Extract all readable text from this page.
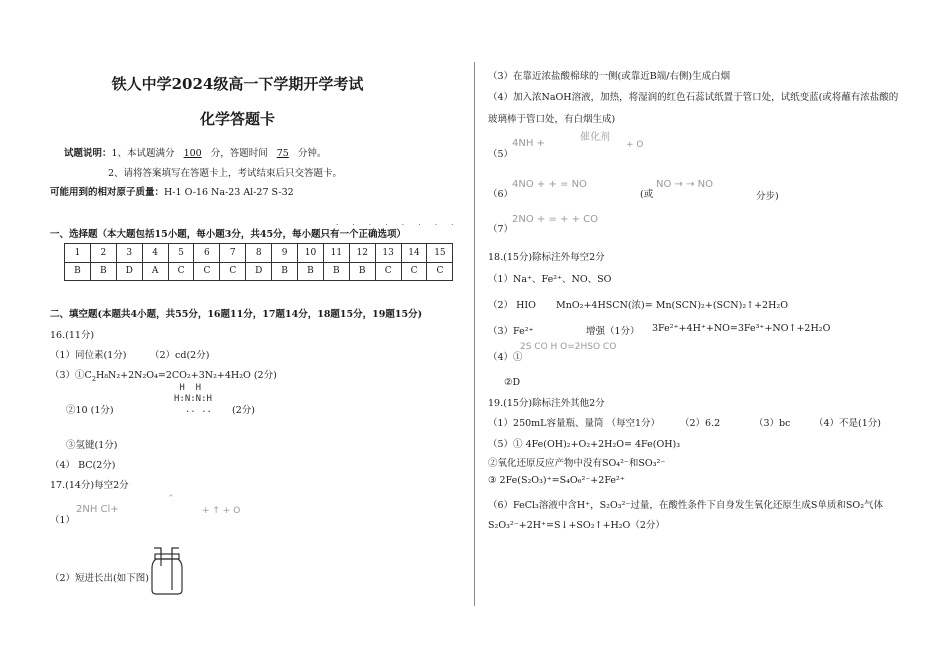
铁人中学2024级高一下学期开学考试
化学答题卡
试题说明：1、本试题满分 100 分，答题时间 75 分钟。
2、请将答案填写在答题卡上，考试结束后只交答题卡。
可能用到的相对原子质量：H-1 O-16 Na-23 Al-27 S-32
一、选择题（本大题包括15小题，每小题3分，共45分，每小题只有一个正确选项）
. . . . . . . .
1	2	3	4	5	6	7	8	9	10	11	12	13	14	15
B	B	D	A	C	C	C	D	B	B	B	B	C	C	C
二、填空题(本题共4小题，共55分，16题11分，17题14分，18题15分，19题15分)
16.(11分)
（1）同位素(1分) （2）cd(2分)
$(3)①C_2H_8N_2+2N_2O_4=2CO_2+3N_2+4H_2O$ (2分)
②10 (1分)
H  H
H:N:N:H
.. .. (2分)
③氢键(1分)
（4） BC(2分)
17.(14分)每空2分
（1）
2NH Cl+	+ ↑ + O
^
（2）短进长出(如下图)
（3）在靠近浓盐酸棉球的一侧(或靠近B端/右侧)生成白烟
（4）加入浓NaOH溶液，加热，将湿润的红色石蕊试纸置于管口处，试纸变蓝(或将蘸有浓盐酸的
玻璃棒于管口处，有白烟生成)
（5）
4NH +
催化剂
+ O
（6）
4NO + + = NO
(或
NO → → NO
分步)
（7）
2NO + = + + CO
18.(15分)除标注外每空2分
（1）Na⁺、Fe²⁺、NO、SO
（2） HIO MnO₂+4HSCN(浓)= Mn(SCN)₂+(SCN)₂↑+2H₂O
（3）Fe²⁺	增强（1分） 3Fe²⁺+4H⁺+NO=3Fe³⁺+NO↑+2H₂O
（4）①
2S CO H O=2HSO CO
②D
19.(15分)除标注外其他2分
（1）250mL容量瓶、量筒 （每空1分） （2）6.2	（3）bc （4）不是(1分)
（5）① 4Fe(OH)₂+O₂+2H₂O= 4Fe(OH)₃
②氧化还原反应产物中没有SO₄²⁻和SO₃²⁻
③ 2Fe(S₂O₃)⁺=S₄O₆²⁻+2Fe²⁺
（6）FeCl₃溶液中含H⁺，S₂O₃²⁻过量，在酸性条件下自身发生氧化还原生成S单质和SO₂气体
S₂O₃²⁻+2H⁺=S↓+SO₂↑+H₂O（2分）
